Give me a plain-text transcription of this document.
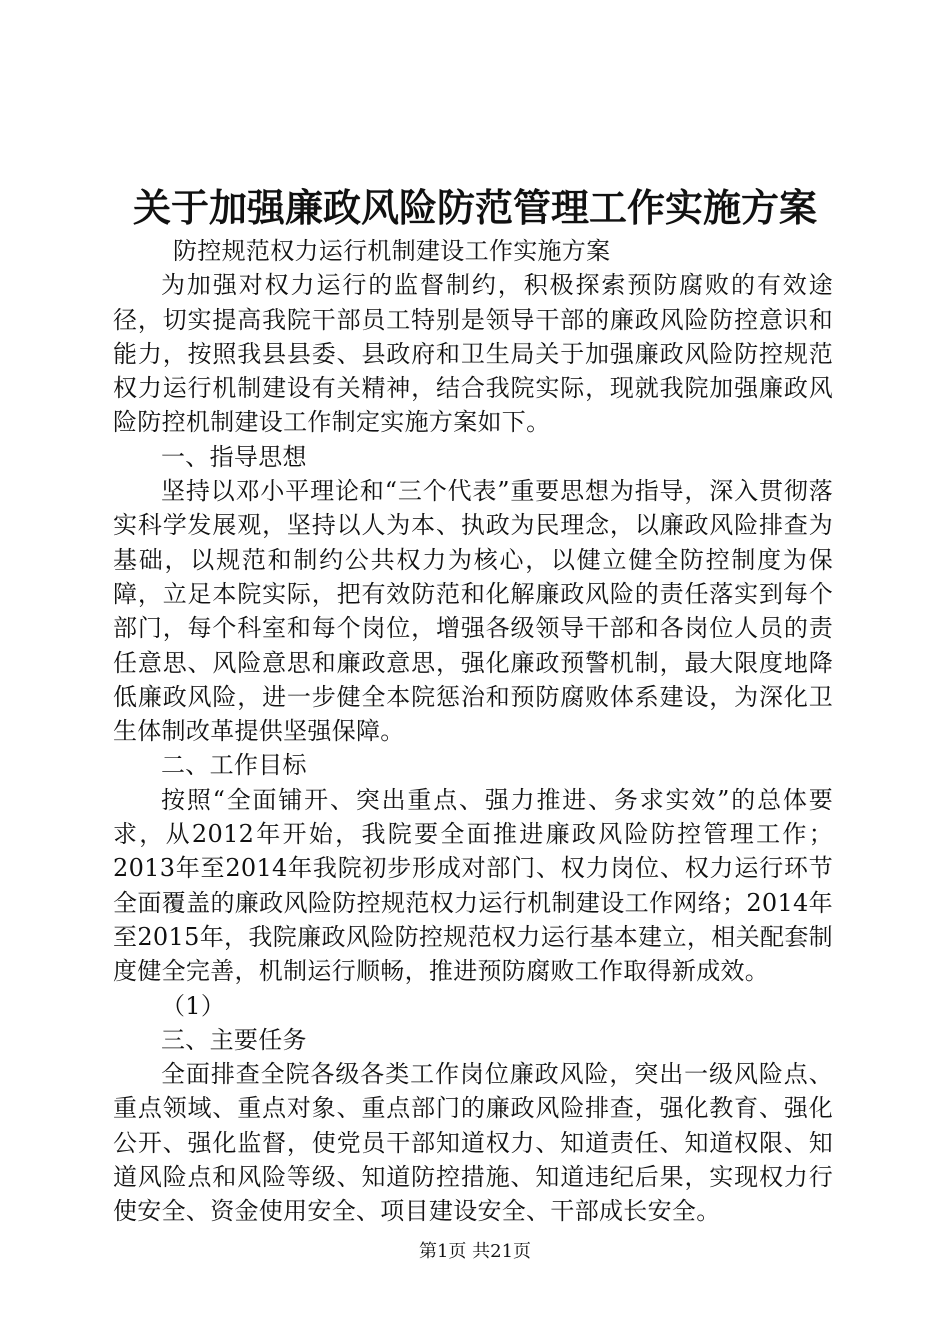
关于加强廉政风险防范管理工作实施方案

防控规范权力运行机制建设工作实施方案

为加强对权力运行的监督制约，积极探索预防腐败的有效途径，切实提高我院干部员工特别是领导干部的廉政风险防控意识和能力，按照我县县委、县政府和卫生局关于加强廉政风险防控规范权力运行机制建设有关精神，结合我院实际，现就我院加强廉政风险防控机制建设工作制定实施方案如下。

一、指导思想

坚持以邓小平理论和“三个代表”重要思想为指导，深入贯彻落实科学发展观，坚持以人为本、执政为民理念，以廉政风险排查为基础，以规范和制约公共权力为核心，以健立健全防控制度为保障，立足本院实际，把有效防范和化解廉政风险的责任落实到每个部门，每个科室和每个岗位，增强各级领导干部和各岗位人员的责任意思、风险意思和廉政意思，强化廉政预警机制，最大限度地降低廉政风险，进一步健全本院惩治和预防腐败体系建设，为深化卫生体制改革提供坚强保障。

二、工作目标

按照“全面铺开、突出重点、强力推进、务求实效”的总体要求，从2012年开始，我院要全面推进廉政风险防控管理工作；2013年至2014年我院初步形成对部门、权力岗位、权力运行环节全面覆盖的廉政风险防控规范权力运行机制建设工作网络；2014年至2015年，我院廉政风险防控规范权力运行基本建立，相关配套制度健全完善，机制运行顺畅，推进预防腐败工作取得新成效。

（1）

三、主要任务

全面排查全院各级各类工作岗位廉政风险，突出一级风险点、重点领域、重点对象、重点部门的廉政风险排查，强化教育、强化公开、强化监督，使党员干部知道权力、知道责任、知道权限、知道风险点和风险等级、知道防控措施、知道违纪后果，实现权力行使安全、资金使用安全、项目建设安全、干部成长安全。

第1页 共21页
